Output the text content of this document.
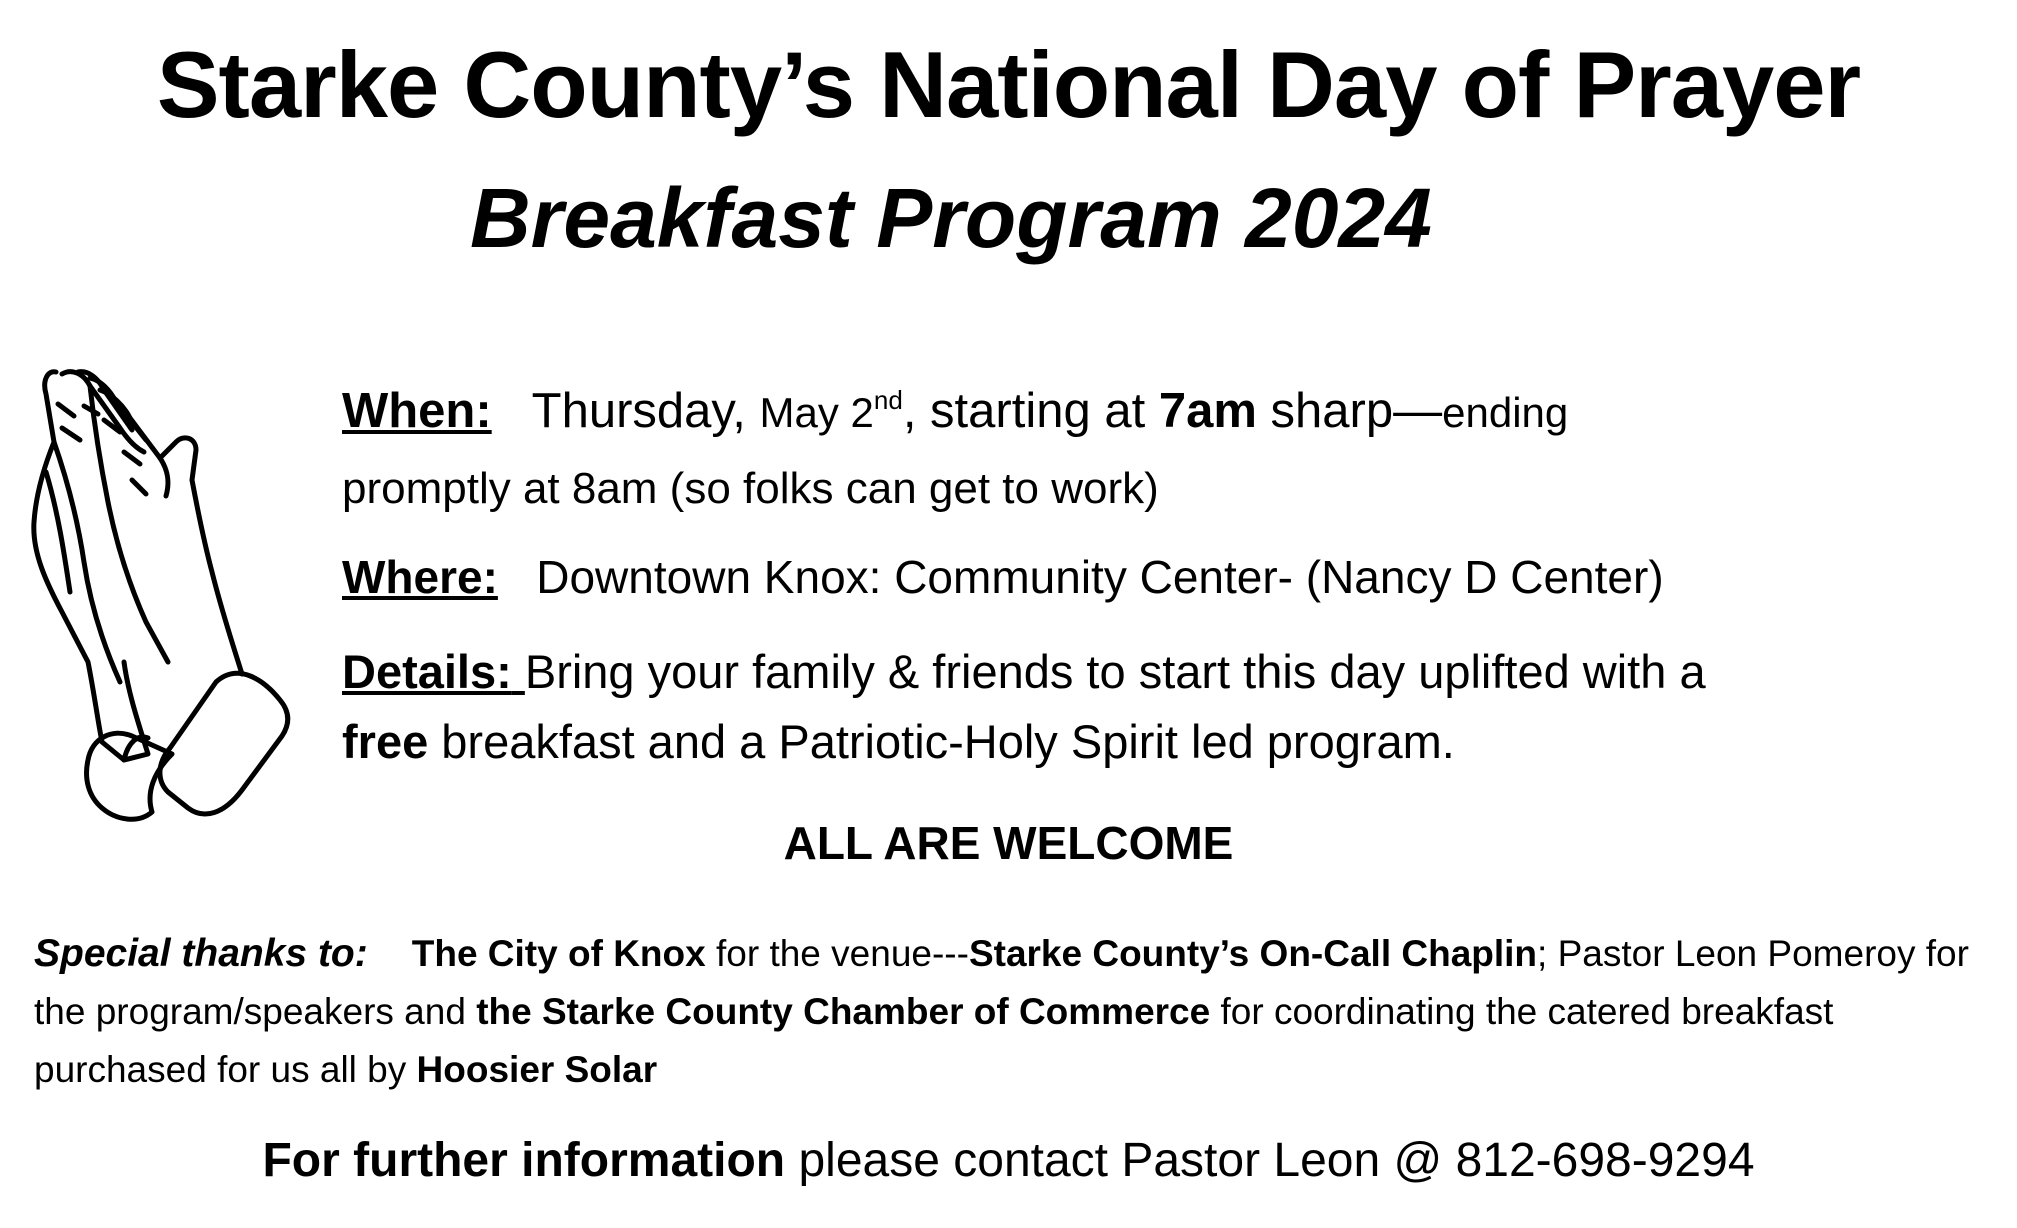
Starke County’s National Day of Prayer
Breakfast Program 2024
When: Thursday, May 2nd, starting at 7am sharp—ending
promptly at 8am (so folks can get to work)
Where: Downtown Knox: Community Center- (Nancy D Center)
Details: Bring your family & friends to start this day uplifted with a
free breakfast and a Patriotic-Holy Spirit led program.
ALL ARE WELCOME
Special thanks to: The City of Knox for the venue---Starke County’s On-Call Chaplin; Pastor Leon Pomeroy for the program/speakers and the Starke County Chamber of Commerce for coordinating the catered breakfast purchased for us all by Hoosier Solar
For further information please contact Pastor Leon @ 812-698-9294
